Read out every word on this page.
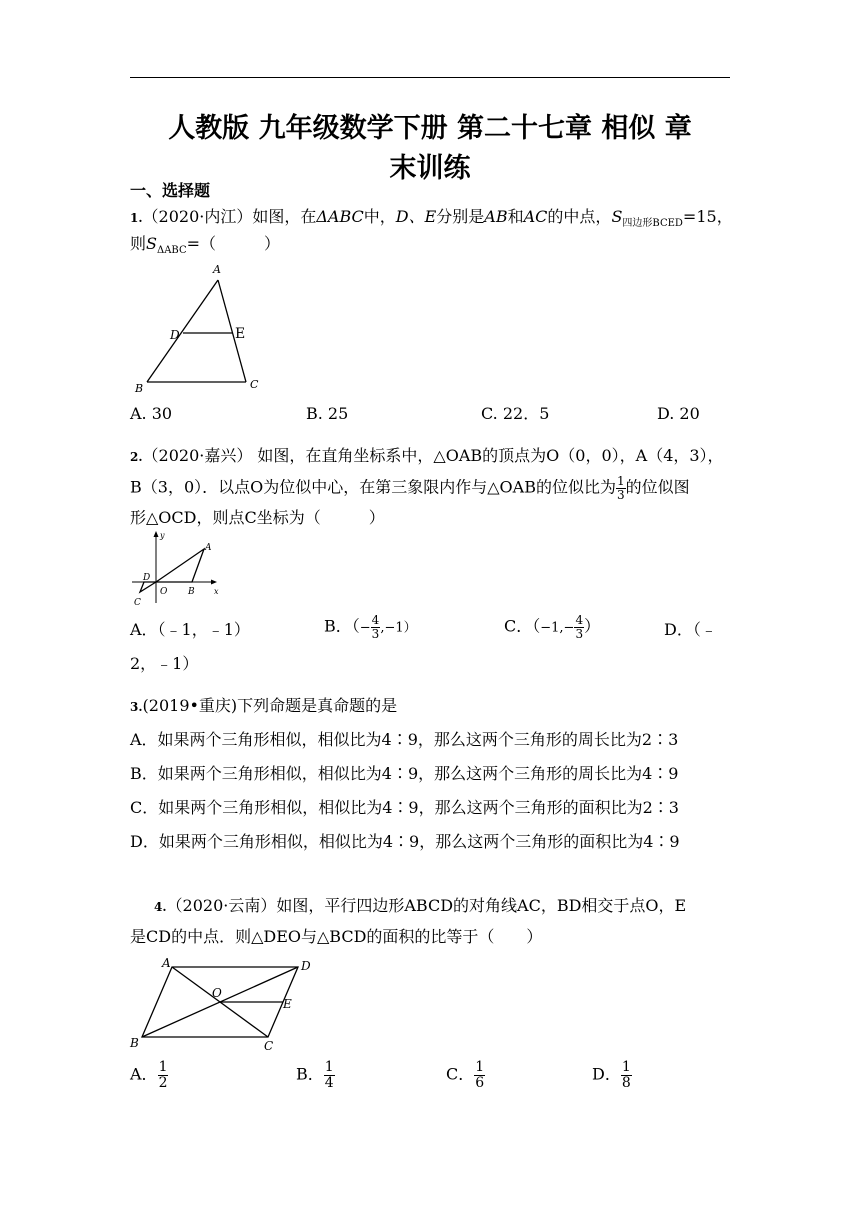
人教版 九年级数学下册 第二十七章 相似 章
末训练
一、选择题
1.（2020·内江）如图，在ΔABC中，D、E分别是AB和AC的中点，$S_{四边形BCED}=15$，
则$S_{\Delta ABC}=$（　　　）
A
D	E
B	C
A. 30	B. 25	C. 22．5	D. 20
2.（2020·嘉兴） 如图，在直角坐标系中，△OAB的顶点为O（0，0），A（4，3），
B（3，0）．以点O为位似中心，在第三象限内作与△OAB的位似比为 $\frac{1}{3}$ 的位似图
形△OCD，则点C坐标为（　　　）
y
x
A
D
O B
C
A．（﹣1，﹣1）	B．（− $\frac{4}{3} ,-1$）	C．（$-1,- \frac{4}{3}$ ）	D．（﹣
2，﹣1）
3.(2019•重庆)下列命题是真命题的是
A．如果两个三角形相似，相似比为4∶9，那么这两个三角形的周长比为2∶3
B．如果两个三角形相似，相似比为4∶9，那么这两个三角形的周长比为4∶9
C．如果两个三角形相似，相似比为4∶9，那么这两个三角形的面积比为2∶3
D．如果两个三角形相似，相似比为4∶9，那么这两个三角形的面积比为4∶9
4.（2020·云南）如图，平行四边形ABCD的对角线AC，BD相交于点O，E
是CD的中点．则△DEO与△BCD的面积的比等于（　　）
A	D
O
E
B	C
A． $\frac{1}{2}$	B． $\frac{1}{4}$	C． $\frac{1}{6}$	D． $\frac{1}{8}$
